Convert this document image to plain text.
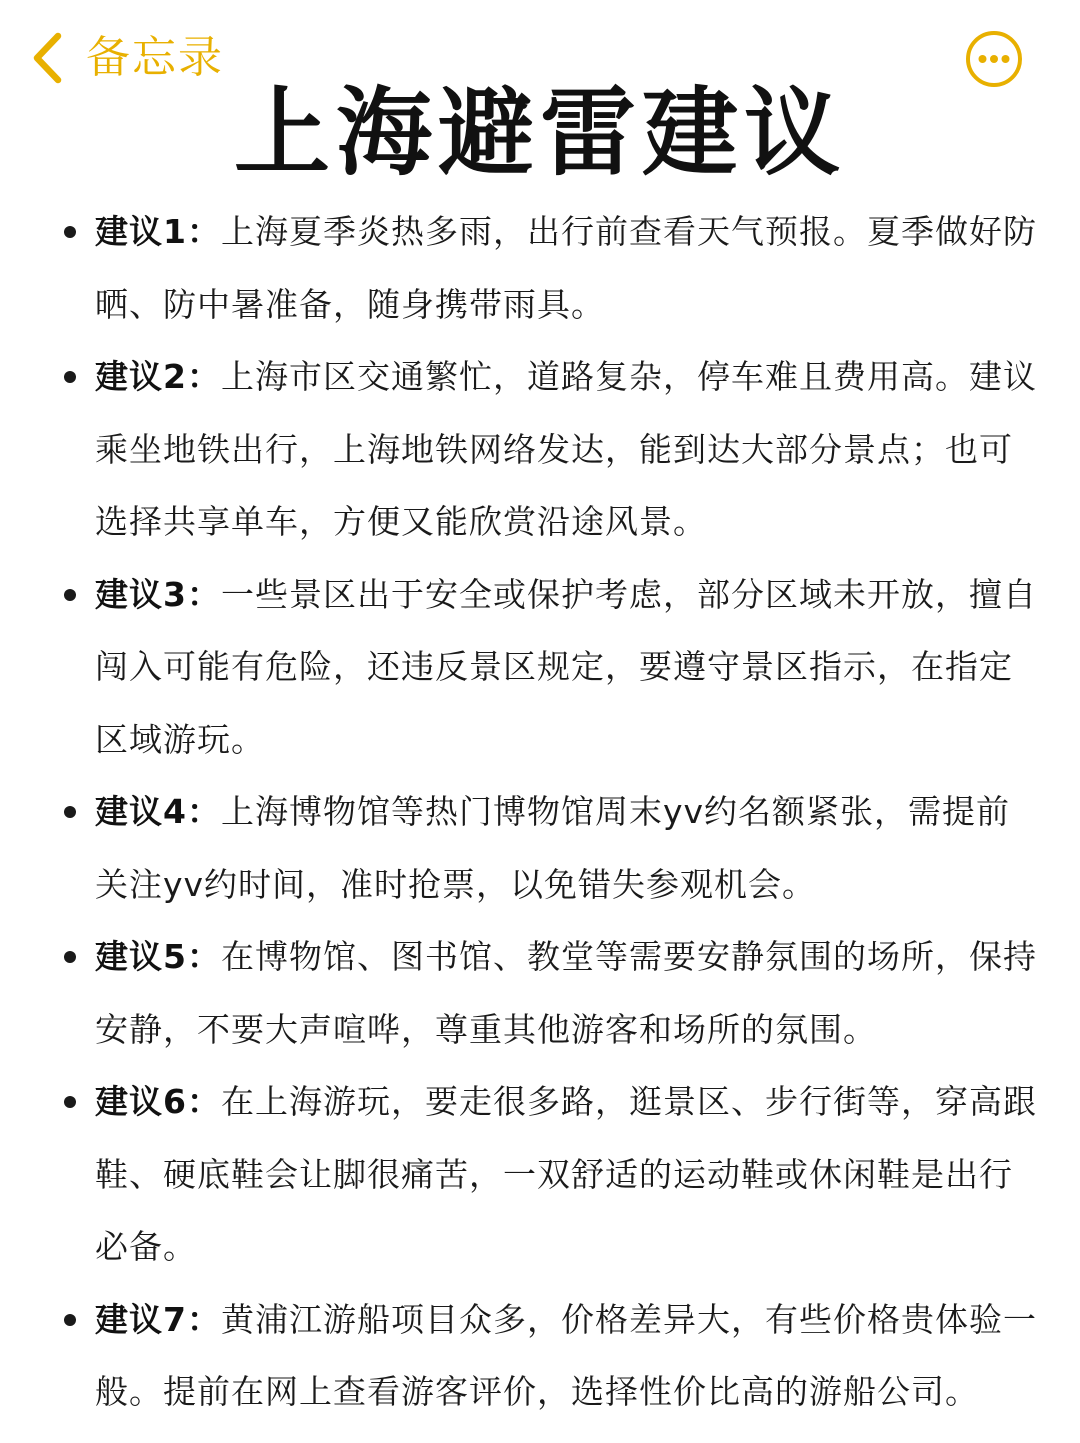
备忘录
上海避雷建议
建议1：上海夏季炎热多雨，出行前查看天气预报。夏季做好防晒、防中暑准备，随身携带雨具。
建议2：上海市区交通繁忙，道路复杂，停车难且费用高。建议乘坐地铁出行，上海地铁网络发达，能到达大部分景点；也可选择共享单车，方便又能欣赏沿途风景。
建议3：一些景区出于安全或保护考虑，部分区域未开放，擅自闯入可能有危险，还违反景区规定，要遵守景区指示，在指定区域游玩。
建议4：上海博物馆等热门博物馆周末yv约名额紧张，需提前关注yv约时间，准时抢票，以免错失参观机会。
建议5：在博物馆、图书馆、教堂等需要安静氛围的场所，保持安静，不要大声喧哗，尊重其他游客和场所的氛围。
建议6：在上海游玩，要走很多路，逛景区、步行街等，穿高跟鞋、硬底鞋会让脚很痛苦，一双舒适的运动鞋或休闲鞋是出行必备。
建议7：黄浦江游船项目众多，价格差异大，有些价格贵体验一般。提前在网上查看游客评价，选择性价比高的游船公司。
